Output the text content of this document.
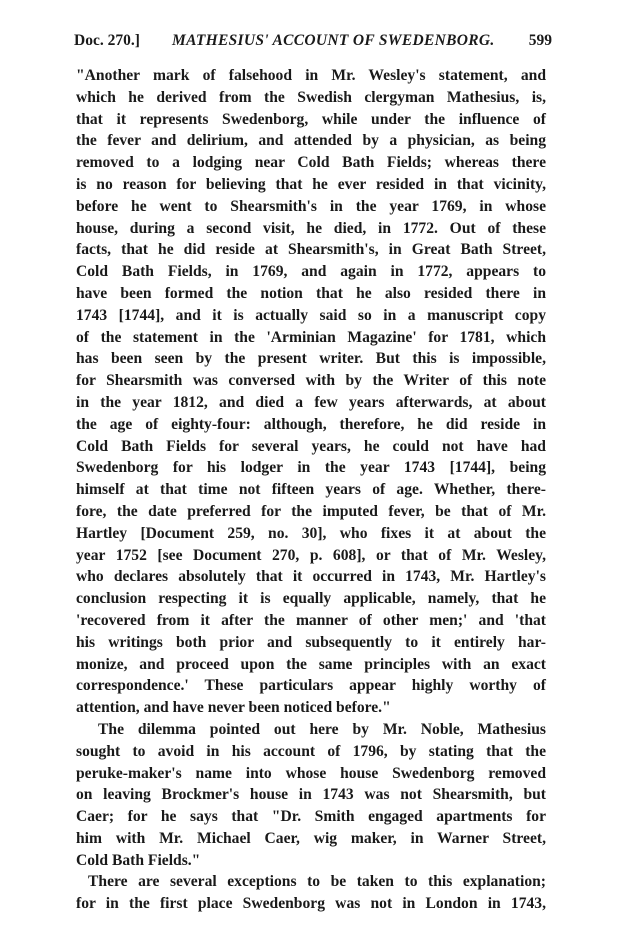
Doc. 270.] MATHESIUS' ACCOUNT OF SWEDENBORG. 599
"Another mark of falsehood in Mr. Wesley's statement, and
which he derived from the Swedish clergyman Mathesius, is,
that it represents Swedenborg, while under the influence of
the fever and delirium, and attended by a physician, as being
removed to a lodging near Cold Bath Fields; whereas there
is no reason for believing that he ever resided in that vicinity,
before he went to Shearsmith's in the year 1769, in whose
house, during a second visit, he died, in 1772. Out of these
facts, that he did reside at Shearsmith's, in Great Bath Street,
Cold Bath Fields, in 1769, and again in 1772, appears to
have been formed the notion that he also resided there in
1743 [1744], and it is actually said so in a manuscript copy
of the statement in the 'Arminian Magazine' for 1781, which
has been seen by the present writer. But this is impossible,
for Shearsmith was conversed with by the Writer of this note
in the year 1812, and died a few years afterwards, at about
the age of eighty-four: although, therefore, he did reside in
Cold Bath Fields for several years, he could not have had
Swedenborg for his lodger in the year 1743 [1744], being
himself at that time not fifteen years of age. Whether, there-
fore, the date preferred for the imputed fever, be that of Mr.
Hartley [Document 259, no. 30], who fixes it at about the
year 1752 [see Document 270, p. 608], or that of Mr. Wesley,
who declares absolutely that it occurred in 1743, Mr. Hartley's
conclusion respecting it is equally applicable, namely, that he
'recovered from it after the manner of other men;' and 'that
his writings both prior and subsequently to it entirely har-
monize, and proceed upon the same principles with an exact
correspondence.' These particulars appear highly worthy of
attention, and have never been noticed before."
The dilemma pointed out here by Mr. Noble, Mathesius
sought to avoid in his account of 1796, by stating that the
peruke-maker's name into whose house Swedenborg removed
on leaving Brockmer's house in 1743 was not Shearsmith, but
Caer; for he says that "Dr. Smith engaged apartments for
him with Mr. Michael Caer, wig maker, in Warner Street,
Cold Bath Fields."
There are several exceptions to be taken to this explanation;
for in the first place Swedenborg was not in London in 1743,
